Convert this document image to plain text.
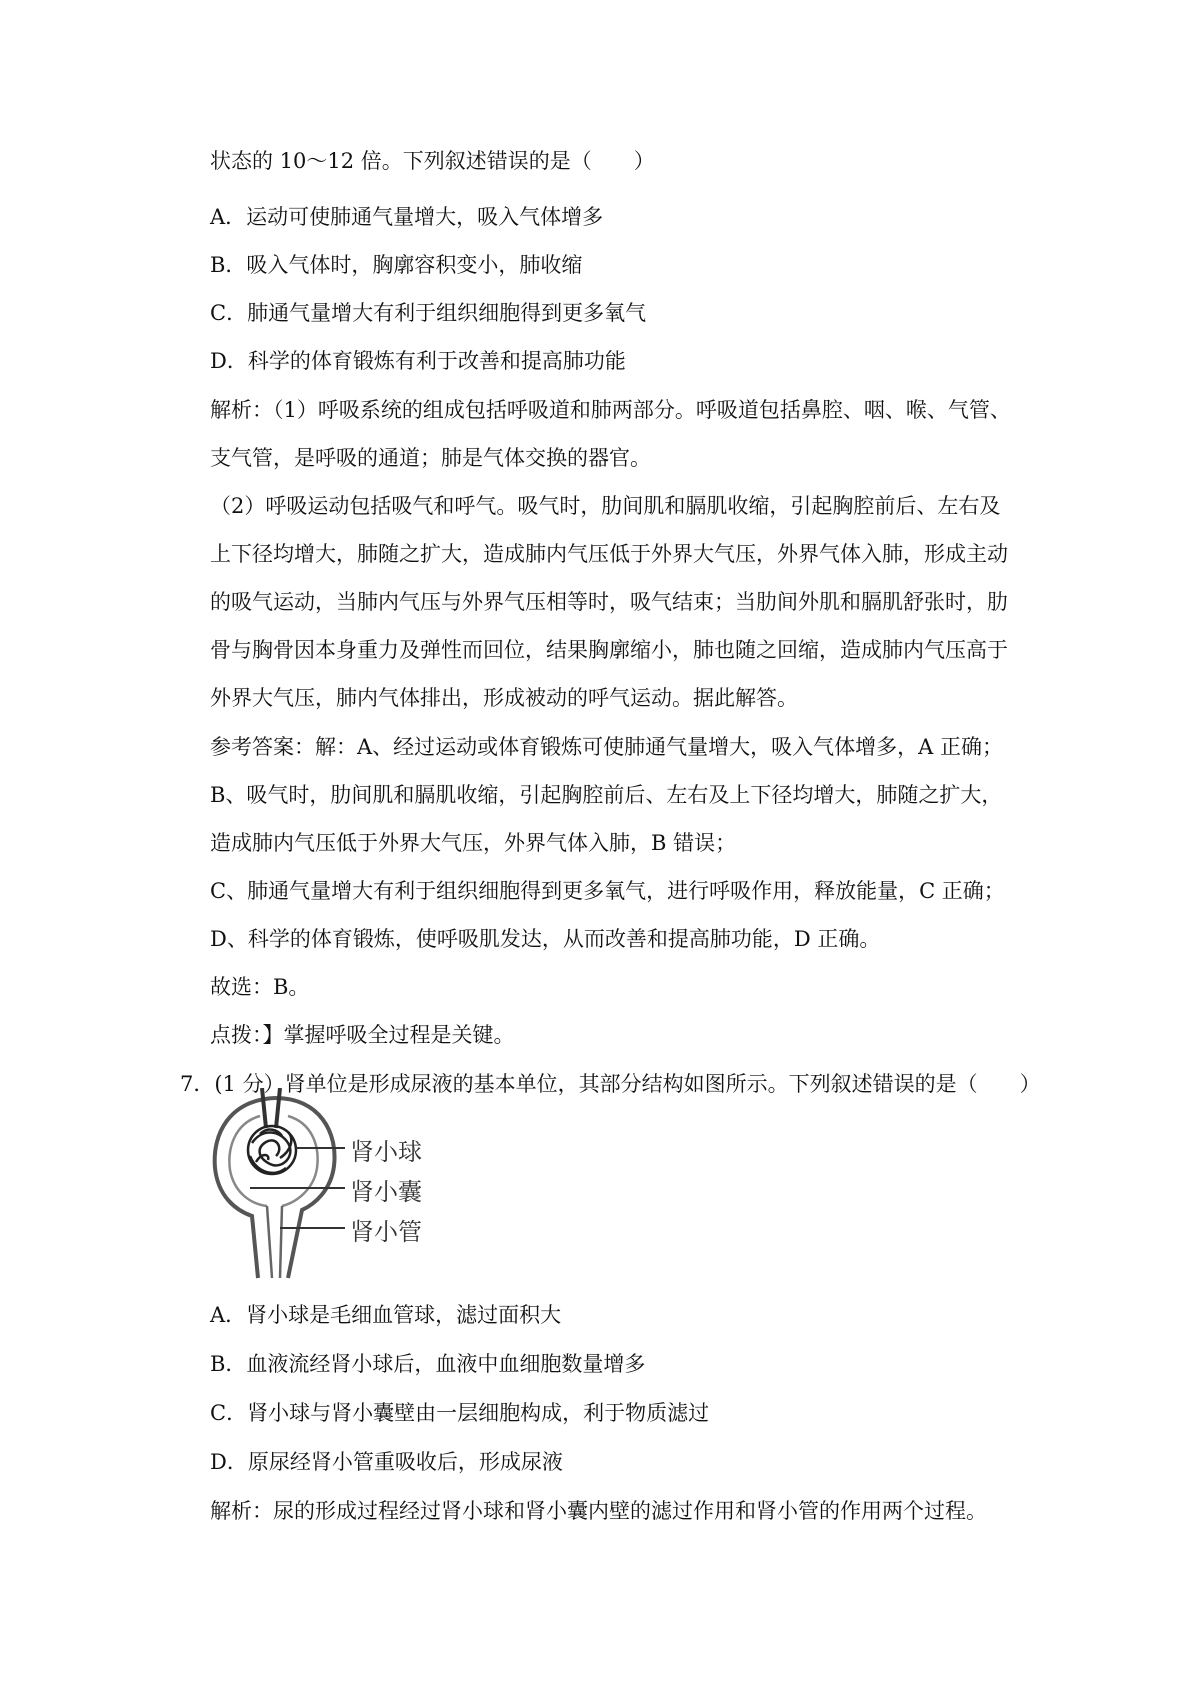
状态的 10～12 倍。下列叙述错误的是（　　）
A．运动可使肺通气量增大，吸入气体增多
B．吸入气体时，胸廓容积变小，肺收缩
C．肺通气量增大有利于组织细胞得到更多氧气
D．科学的体育锻炼有利于改善和提高肺功能
解析：（1）呼吸系统的组成包括呼吸道和肺两部分。呼吸道包括鼻腔、咽、喉、气管、
支气管，是呼吸的通道；肺是气体交换的器官。
（2）呼吸运动包括吸气和呼气。吸气时，肋间肌和膈肌收缩，引起胸腔前后、左右及
上下径均增大，肺随之扩大，造成肺内气压低于外界大气压，外界气体入肺，形成主动
的吸气运动，当肺内气压与外界气压相等时，吸气结束；当肋间外肌和膈肌舒张时，肋
骨与胸骨因本身重力及弹性而回位，结果胸廓缩小，肺也随之回缩，造成肺内气压高于
外界大气压，肺内气体排出，形成被动的呼气运动。据此解答。
参考答案：解：A、经过运动或体育锻炼可使肺通气量增大，吸入气体增多，A 正确；
B、吸气时，肋间肌和膈肌收缩，引起胸腔前后、左右及上下径均增大，肺随之扩大，
造成肺内气压低于外界大气压，外界气体入肺，B 错误；
C、肺通气量增大有利于组织细胞得到更多氧气，进行呼吸作用，释放能量，C 正确；
D、科学的体育锻炼，使呼吸肌发达，从而改善和提高肺功能，D 正确。
故选：B。
点拨：】掌握呼吸全过程是关键。
7．(1 分）肾单位是形成尿液的基本单位，其部分结构如图所示。下列叙述错误的是（　　）
肾小球
肾小囊
肾小管
A．肾小球是毛细血管球，滤过面积大
B．血液流经肾小球后，血液中血细胞数量增多
C．肾小球与肾小囊壁由一层细胞构成，利于物质滤过
D．原尿经肾小管重吸收后，形成尿液
解析：尿的形成过程经过肾小球和肾小囊内壁的滤过作用和肾小管的作用两个过程。
